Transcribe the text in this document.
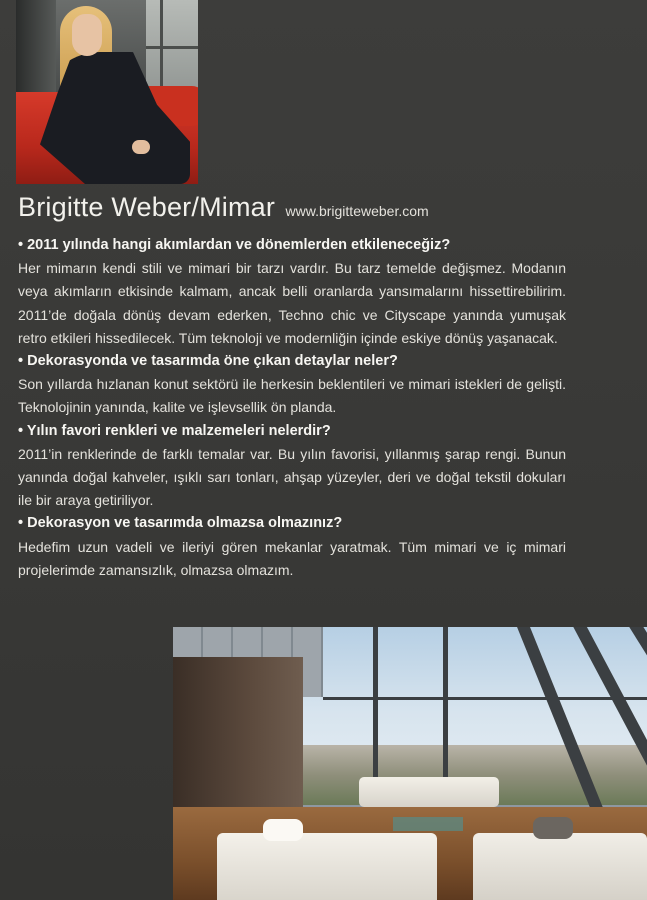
Brigitte Weber/Mimar www.brigitteweber.com

• 2011 yılında hangi akımlardan ve dönemlerden etkileneceğiz?

Her mimarın kendi stili ve mimari bir tarzı vardır. Bu tarz temelde değişmez. Modanın veya akımların etkisinde kalmam, ancak belli oranlarda yansımalarını hissettirebilirim. 2011’de doğala dönüş devam ederken, Techno chic ve Cityscape yanında yumuşak retro etkileri hissedilecek. Tüm teknoloji ve modernliğin içinde eskiye dönüş yaşanacak.

• Dekorasyonda ve tasarımda öne çıkan detaylar neler?

Son yıllarda hızlanan konut sektörü ile herkesin beklentileri ve mimari istekleri de gelişti. Teknolojinin yanında, kalite ve işlevsellik ön planda.

• Yılın favori renkleri ve malzemeleri nelerdir?

2011’in renklerinde de farklı temalar var. Bu yılın favorisi, yıllanmış şarap rengi. Bunun yanında doğal kahveler, ışıklı sarı tonları, ahşap yüzeyler, deri ve doğal tekstil dokuları ile bir araya getiriliyor.

• Dekorasyon ve tasarımda olmazsa olmazınız?

Hedefim uzun vadeli ve ileriyi gören mekanlar yaratmak. Tüm mimari ve iç mimari projelerimde zamansızlık, olmazsa olmazım.
